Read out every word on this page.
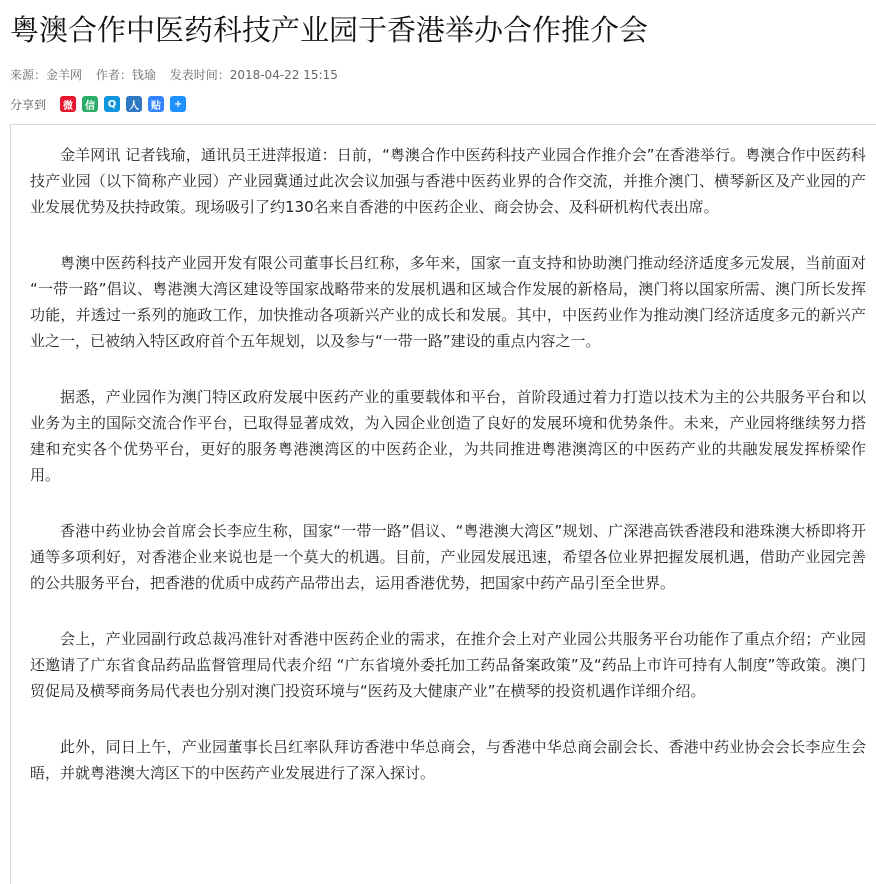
粤澳合作中医药科技产业园于香港举办合作推介会
来源：金羊网 作者：钱瑜 发表时间：2018-04-22 15:15
分享到	微	信	Q	人	贴	+

金羊网讯 记者钱瑜，通讯员王进萍报道：日前，“粤澳合作中医药科技产业园合作推介会”在香港举行。粤澳合作中医药科技产业园（以下简称产业园）产业园冀通过此次会议加强与香港中医药业界的合作交流，并推介澳门、横琴新区及产业园的产业发展优势及扶持政策。现场吸引了约130名来自香港的中医药企业、商会协会、及科研机构代表出席。

粤澳中医药科技产业园开发有限公司董事长吕红称，多年来，国家一直支持和协助澳门推动经济适度多元发展，当前面对 “一带一路”倡议、粤港澳大湾区建设等国家战略带来的发展机遇和区域合作发展的新格局，澳门将以国家所需、澳门所长发挥功能，并透过一系列的施政工作，加快推动各项新兴产业的成长和发展。其中，中医药业作为推动澳门经济适度多元的新兴产业之一，已被纳入特区政府首个五年规划，以及参与“一带一路”建设的重点内容之一。

据悉，产业园作为澳门特区政府发展中医药产业的重要载体和平台，首阶段通过着力打造以技术为主的公共服务平台和以业务为主的国际交流合作平台，已取得显著成效，为入园企业创造了良好的发展环境和优势条件。未来，产业园将继续努力搭建和充实各个优势平台，更好的服务粤港澳湾区的中医药企业，为共同推进粤港澳湾区的中医药产业的共融发展发挥桥梁作用。

香港中药业协会首席会长李应生称，国家“一带一路”倡议、“粤港澳大湾区”规划、广深港高铁香港段和港珠澳大桥即将开通等多项利好，对香港企业来说也是一个莫大的机遇。目前，产业园发展迅速，希望各位业界把握发展机遇，借助产业园完善的公共服务平台，把香港的优质中成药产品带出去，运用香港优势，把国家中药产品引至全世界。

会上，产业园副行政总裁冯准针对香港中医药企业的需求，在推介会上对产业园公共服务平台功能作了重点介绍；产业园还邀请了广东省食品药品监督管理局代表介绍 “广东省境外委托加工药品备案政策”及“药品上市许可持有人制度”等政策。澳门贸促局及横琴商务局代表也分别对澳门投资环境与“医药及大健康产业”在横琴的投资机遇作详细介绍。

此外，同日上午，产业园董事长吕红率队拜访香港中华总商会，与香港中华总商会副会长、香港中药业协会会长李应生会晤，并就粤港澳大湾区下的中医药产业发展进行了深入探讨。
